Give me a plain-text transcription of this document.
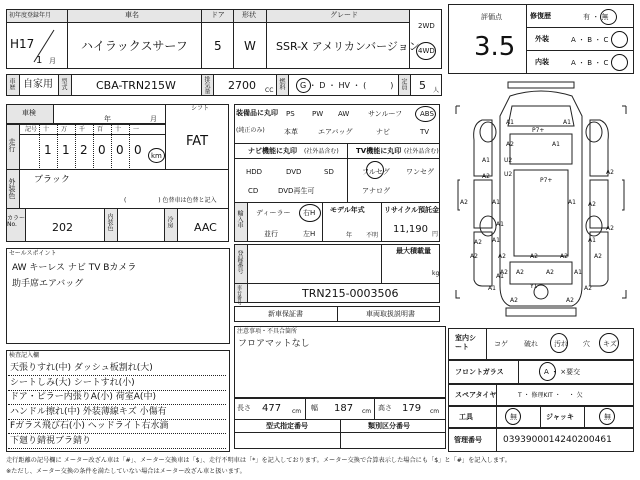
初年度登録年月	車名	ドア 形状	グレード
2WD
4WD
H17
1 月
ハイラックスサーフ 5 W SSR-X アメリカンバージョン
車歴 自家用 型式	CBA-TRN215W	排気量 2700 CC
燃料 G ・ D ・ HV ・ (　　　) 定員 5 人
車検
年	月
走行
記号 十 万 千 百 十 一
1 1 2 0 0 0 km
シフト
FAT
外装色 ブラック
( 　　　　　) 色替車は色替と記入
カラーNo.	202	内装色	冷房 AAC
セールスポイント
AW キーレス ナビ TV Bカメラ
助手席エアバッグ
検査記入欄
天張りすれ(中) ダッシュ板割れ(大)
シートしみ(大) シートすれ(小)
ドア・ピラー内張りA(小) 荷室A(中)
ハンドル擦れ(中) 外装薄線キズ 小傷有
Fガラス飛び石(小) ヘッドライト右水滴
下廻り錆視ブラ錆り
装備品に丸印
(純正のみ)
PS PW AW	サンルーフ	ABS
本革	エアバッグ	ナビ	TV
ナビ機能に丸印 (社外品含む)
HDD	DVD	SD
CD	DVD再生可
TV機能に丸印 (社外品含む)
フルセグ ワンセグ
アナログ
輸入車 ディーラー 右H
並行	左H
モデル年式
年 不明
リサイクル預託金
11,190 円
登録番号	最大積載量
kg
車台番号	TRN215-0003506
新車保証書	車両取扱説明書
注意事項・不具合箇所
フロアマットなし
長さ 477 cm 幅 187 cm 高さ 179 cm
型式指定番号	類別区分番号
評価点
3.5
修復歴	有 ・ 無
外装	A ・ B ・ C
内装	A ・ B ・ C
A1
P7+
A1
A2	A1
U2
P7+
U2
A1
A2
A1	A1
A2
A1
A2
A2 A1	A1
A2	A2	A2	A2	A2
A2 A2	A2	A1
A1	Y1
A2	A2
A1
A2
A2
A2
室内シート	コゲ 破れ 汚れ 穴 キズ
フロントガラス	A ・ ×要交
スペアタイヤ	T ・ 修理KIT ・ 　・ 欠
工具	無	ジャッキ	無
管理番号 0393900014240200461
走行距離の記号欄に メーター改ざん車は「#」、メーター交換車は「$」、走行不明車は「*」を記入しております。メーター交換で合算表示した場合にも「$」と「#」を記入します。
※ただし、メーター交換の条件を満たしていない場合はメーター改ざん車と扱います。
